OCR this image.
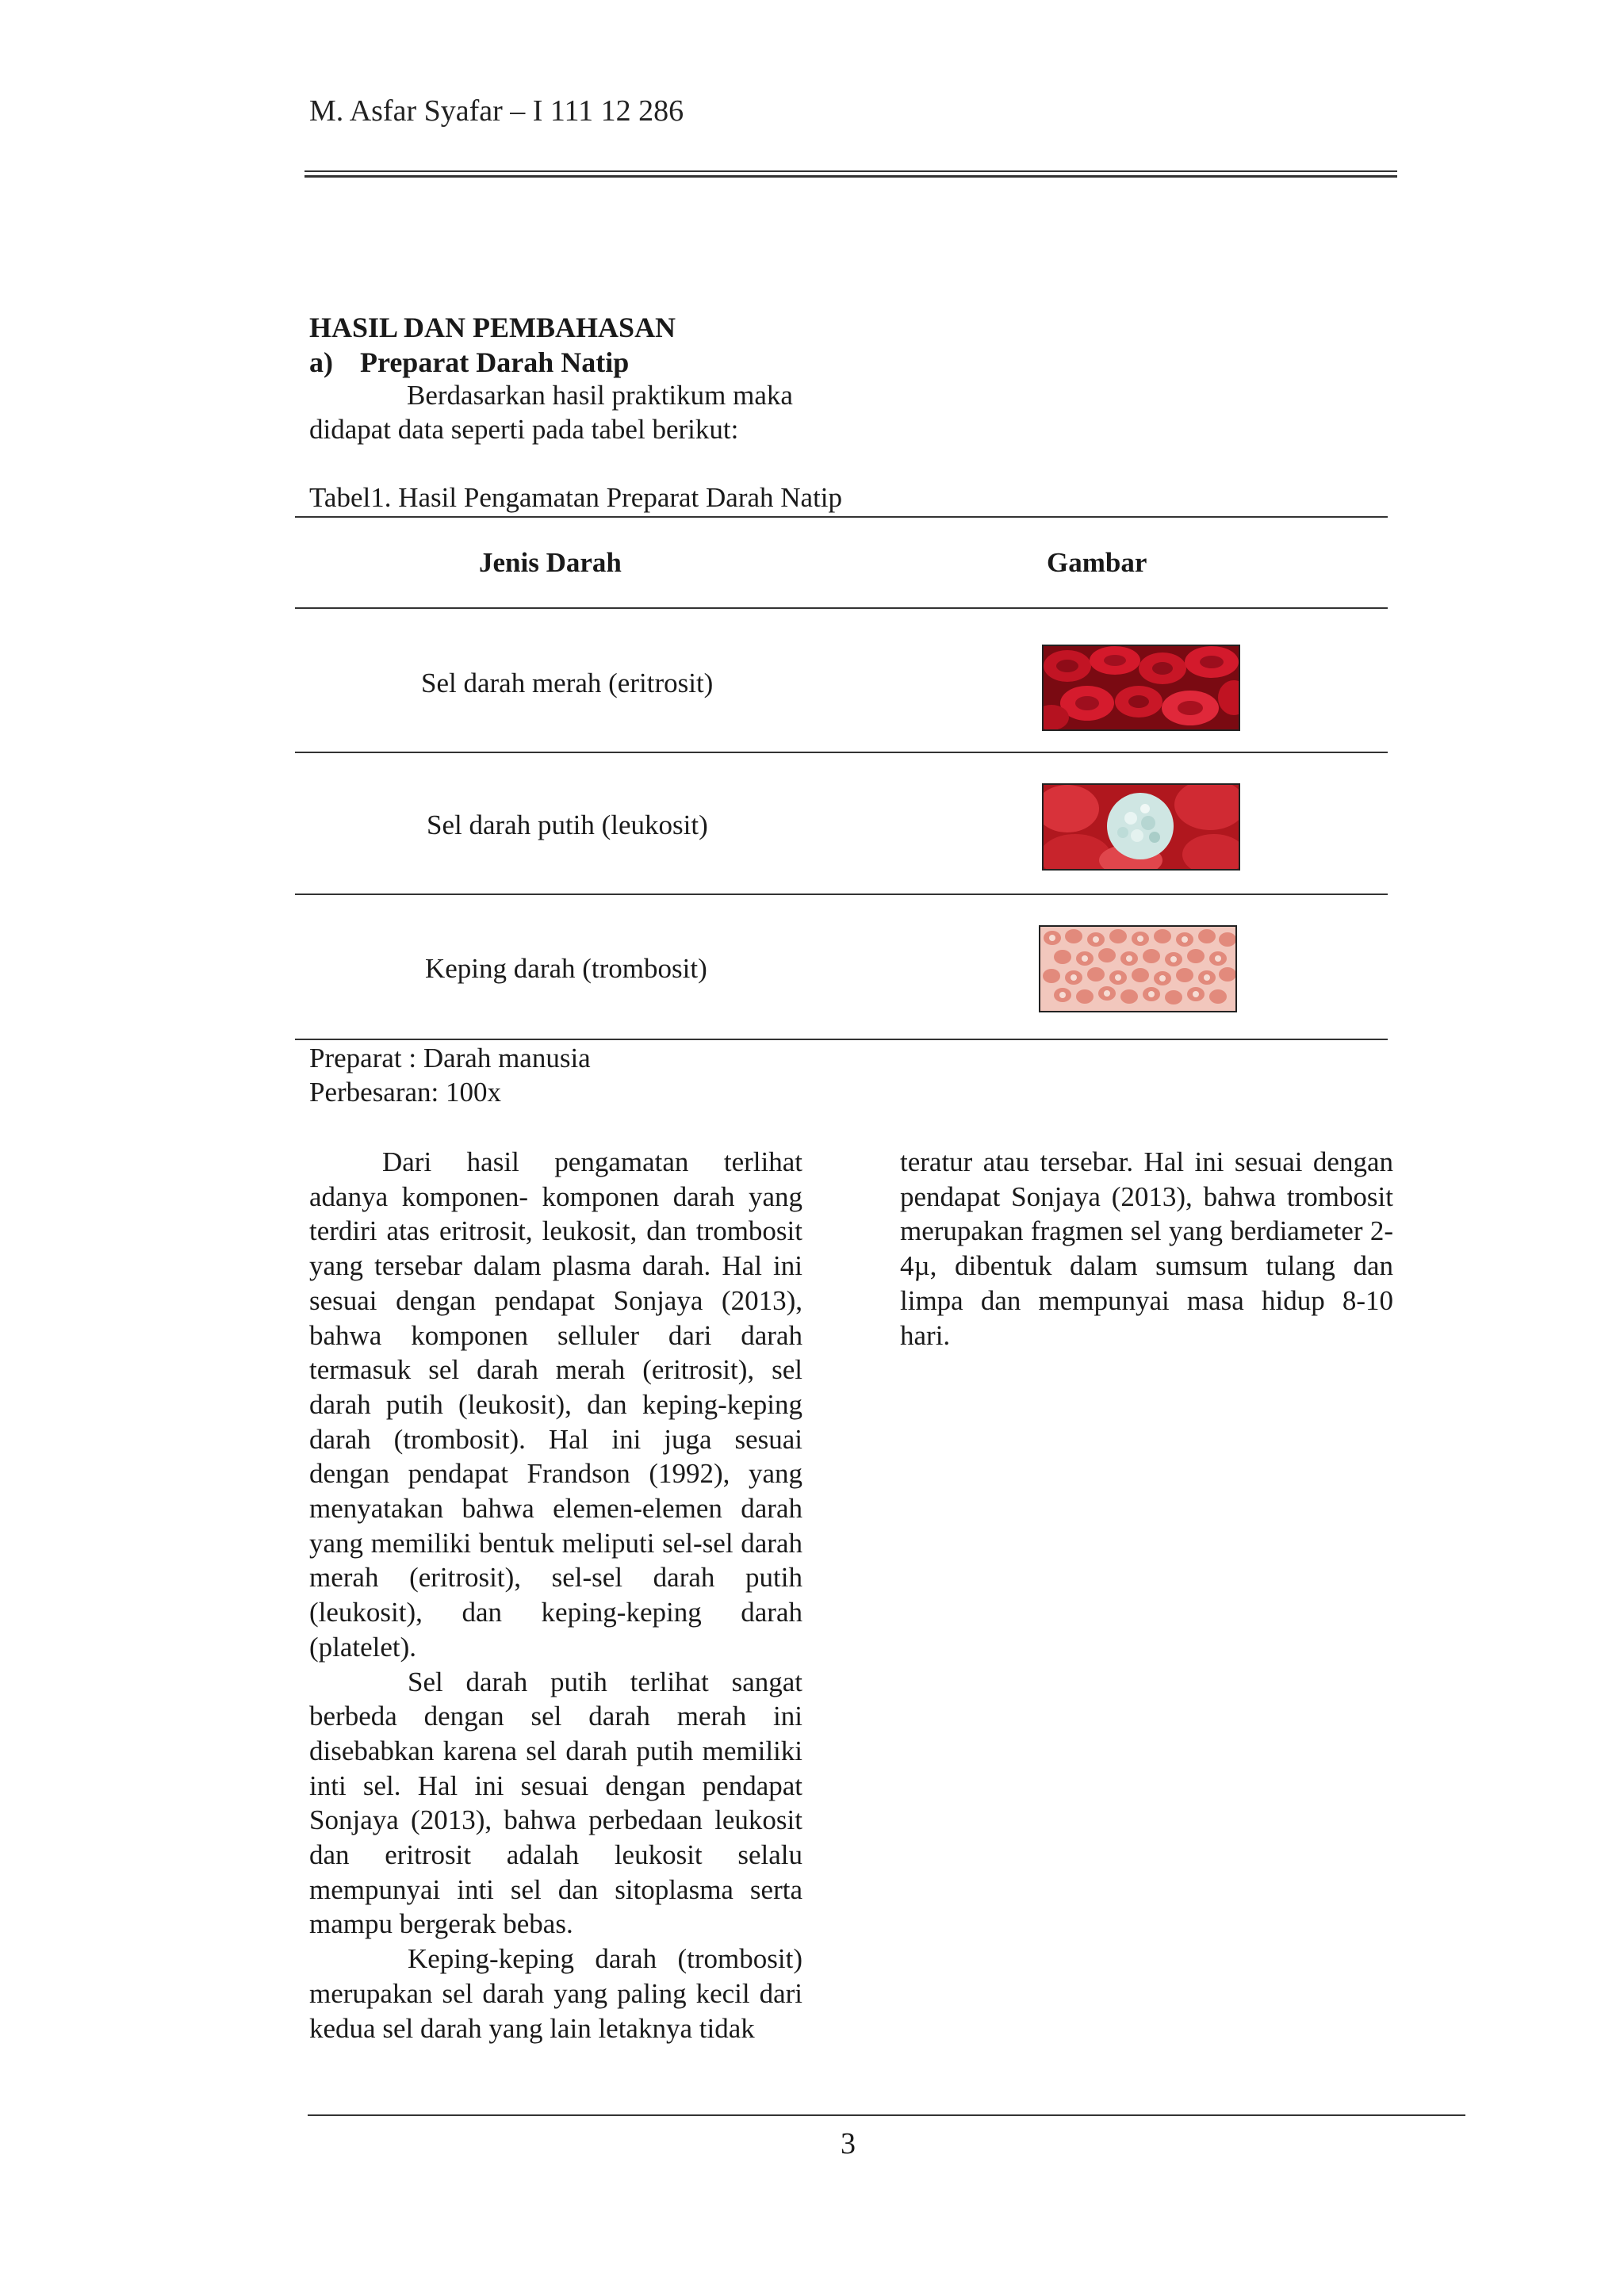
M. Asfar Syafar – I 111 12 286
HASIL DAN PEMBAHASAN
a) Preparat Darah Natip
Berdasarkan hasil praktikum maka
didapat data seperti pada tabel berikut:
Tabel1. Hasil Pengamatan Preparat Darah Natip
Jenis Darah	Gambar
Sel darah merah (eritrosit)
Sel darah putih (leukosit)
Keping darah (trombosit)
Preparat : Darah manusia
Perbesaran: 100x

Dari hasil pengamatan terlihat adanya komponen- komponen darah yang terdiri atas eritrosit, leukosit, dan trombosit yang tersebar dalam plasma darah. Hal ini sesuai dengan pendapat Sonjaya (2013), bahwa komponen selluler dari darah termasuk sel darah merah (eritrosit), sel darah putih (leukosit), dan keping-keping darah (trombosit). Hal ini juga sesuai dengan pendapat Frandson (1992), yang menyatakan bahwa elemen-elemen darah yang memiliki bentuk meliputi sel-sel darah merah (eritrosit), sel-sel darah putih (leukosit), dan keping-keping darah (platelet).

Sel darah putih terlihat sangat berbeda dengan sel darah merah ini disebabkan karena sel darah putih memiliki inti sel. Hal ini sesuai dengan pendapat Sonjaya (2013), bahwa perbedaan leukosit dan eritrosit adalah leukosit selalu mempunyai inti sel dan sitoplasma serta mampu bergerak bebas.

Keping-keping darah (trombosit) merupakan sel darah yang paling kecil dari kedua sel darah yang lain letaknya tidak

teratur atau tersebar. Hal ini sesuai dengan pendapat Sonjaya (2013), bahwa trombosit merupakan fragmen sel yang berdiameter 2-4µ, dibentuk dalam sumsum tulang dan limpa dan mempunyai masa hidup 8-10 hari.

3
